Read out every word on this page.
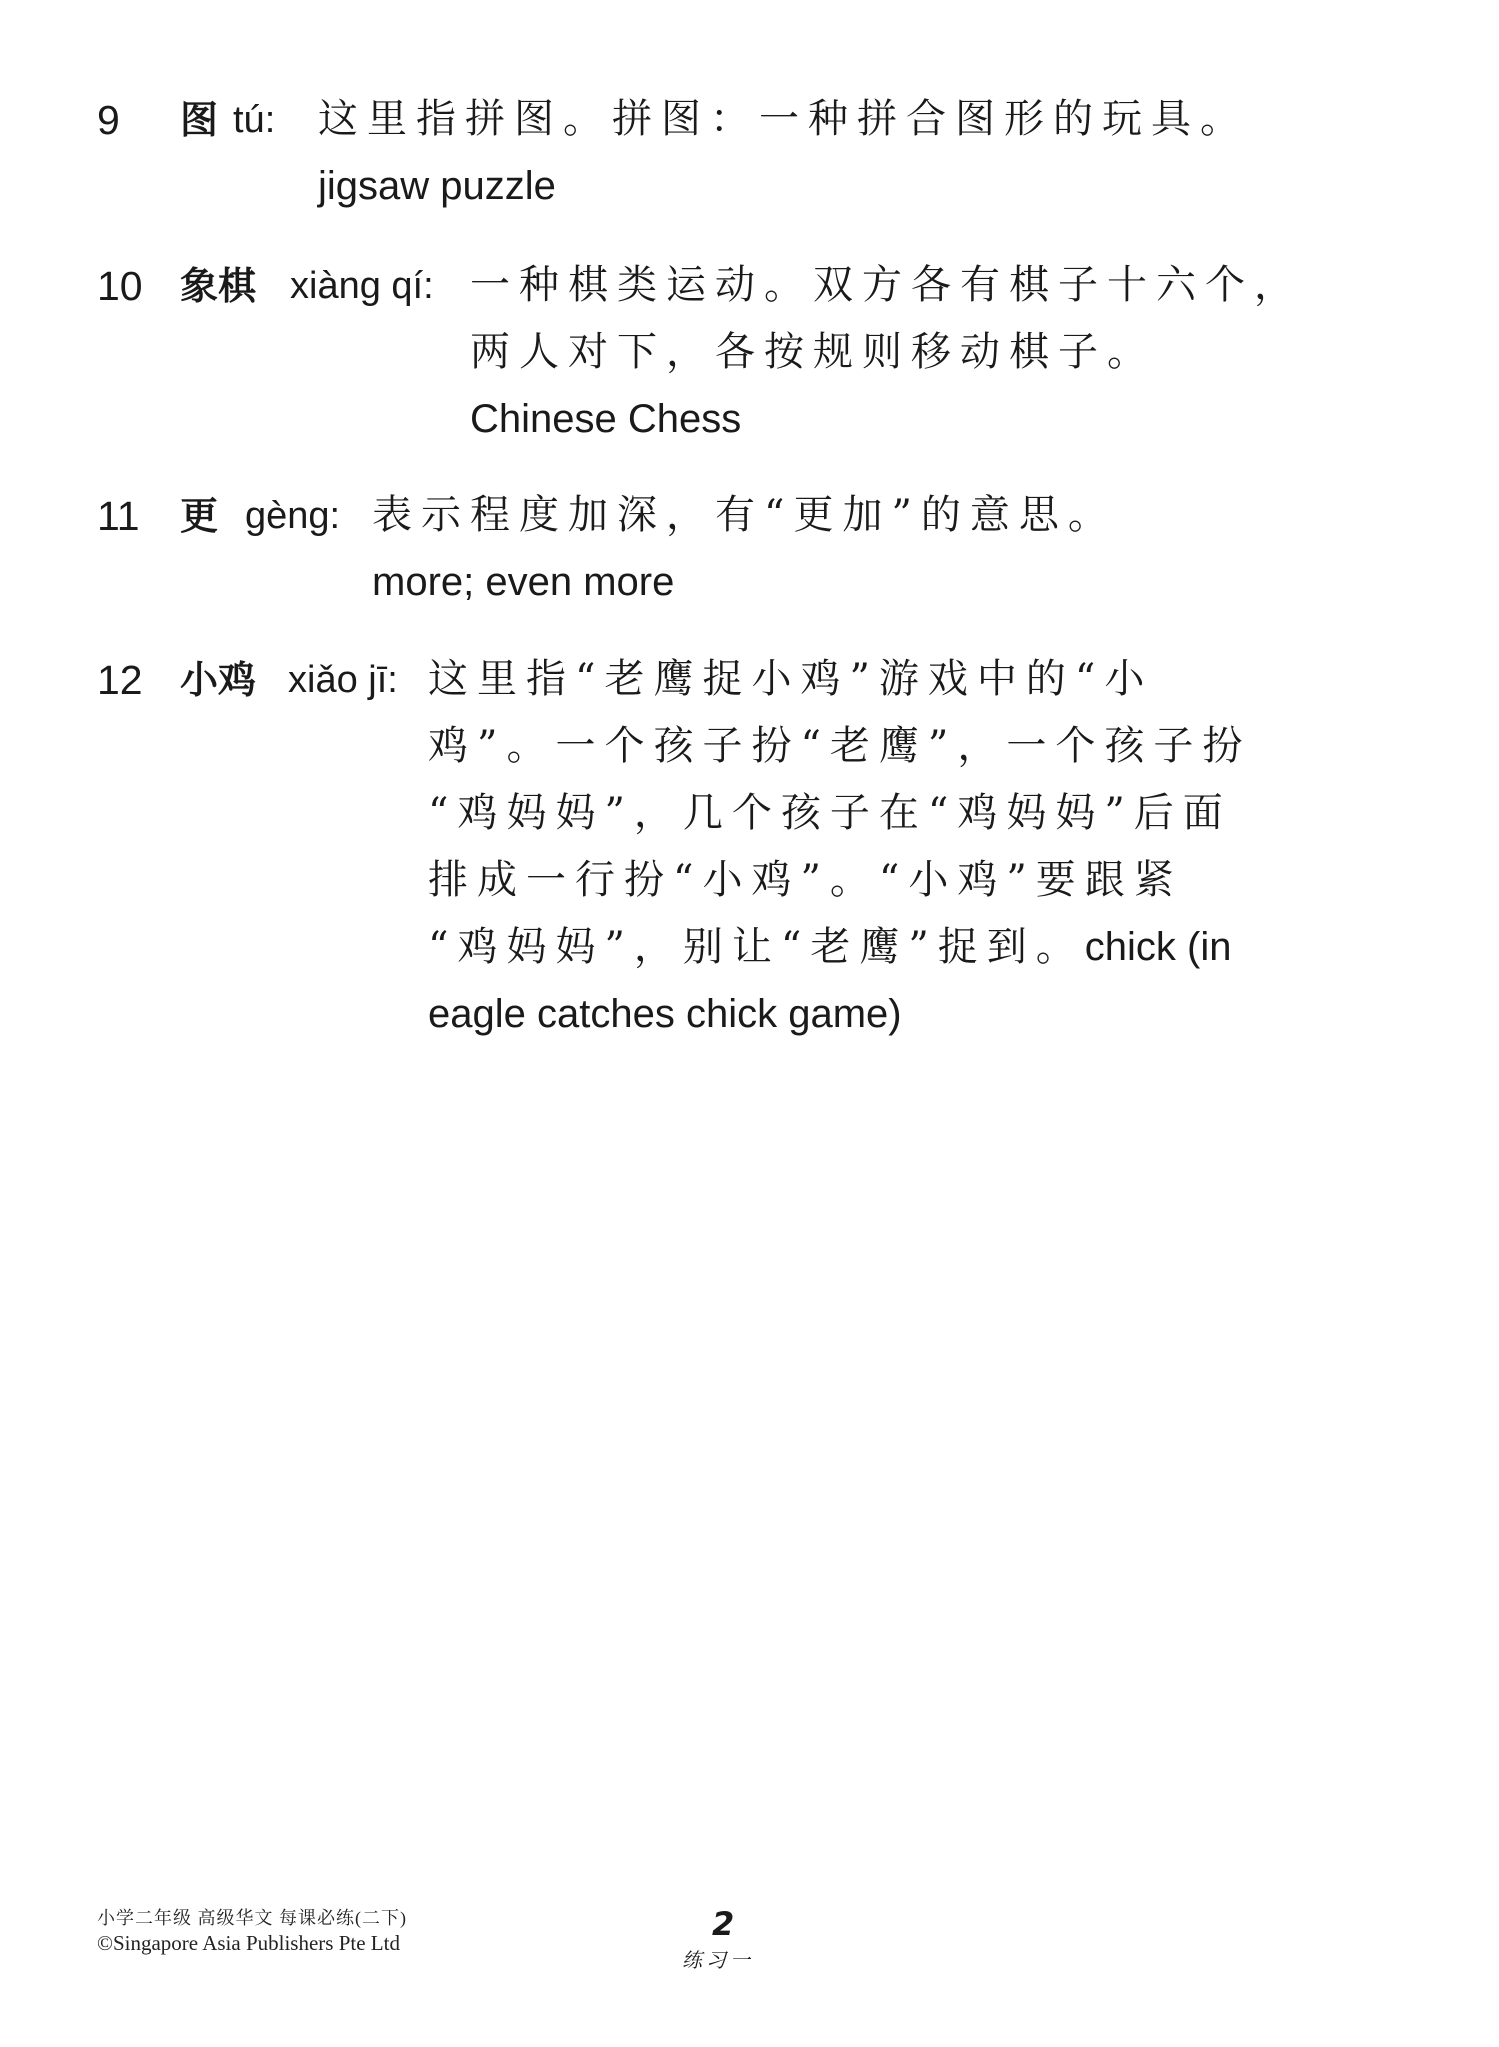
9 图 tú: 这里指拼图。拼图：一种拼合图形的玩具。
jigsaw puzzle
10 象棋 xiàng qí: 一种棋类运动。双方各有棋子十六个，
两人对下，各按规则移动棋子。
Chinese Chess
11 更 gèng: 表示程度加深，有“更加”的意思。
more; even more
12 小鸡 xiǎo jī: 这里指“老鹰捉小鸡”游戏中的“小
鸡”。一个孩子扮“老鹰”，一个孩子扮
“鸡妈妈”，几个孩子在“鸡妈妈”后面
排成一行扮“小鸡”。“小鸡”要跟紧
“鸡妈妈”，别让“老鹰”捉到。chick (in
eagle catches chick game)
小学二年级 高级华文 每课必练(二下)
©Singapore Asia Publishers Pte Ltd	2
练习一
